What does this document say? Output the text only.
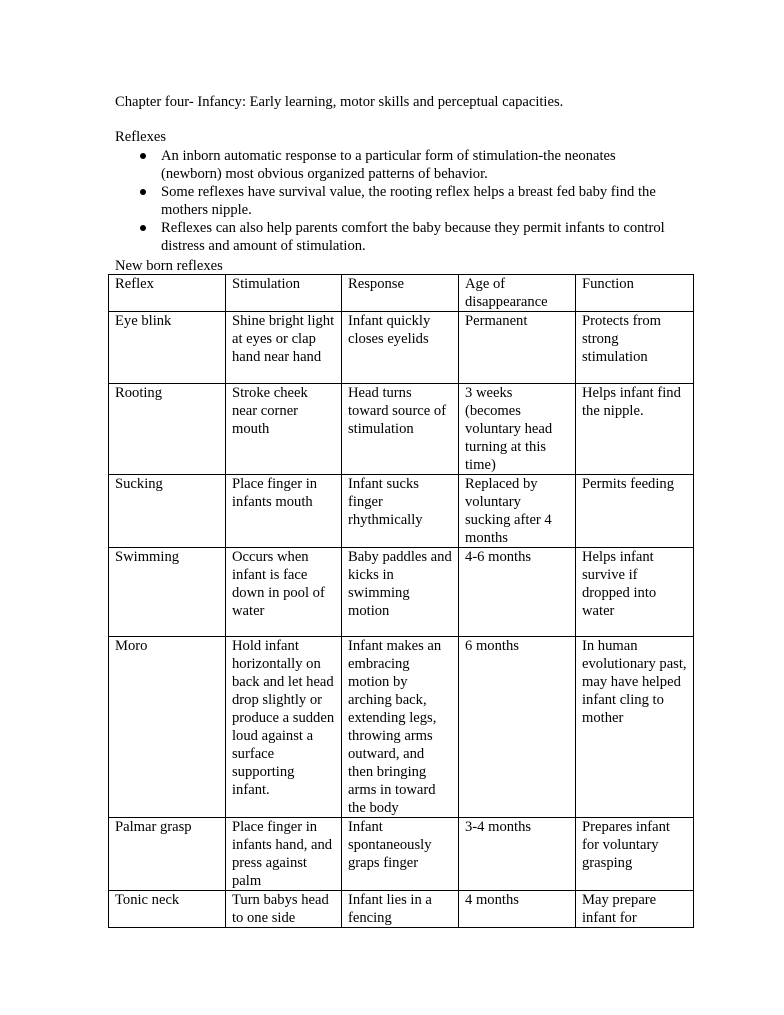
Chapter four- Infancy: Early learning, motor skills and perceptual capacities.
Reflexes
An inborn automatic response to a particular form of stimulation-the neonates (newborn) most obvious organized patterns of behavior.
Some reflexes have survival value, the rooting reflex helps a breast fed baby find the mothers nipple.
Reflexes can also help parents comfort the baby because they permit infants to control distress and amount of stimulation.

New born reflexes

Reflex	Stimulation	Response	Age of disappearance	Function
Eye blink	Shine bright light at eyes or clap hand near hand	Infant quickly closes eyelids	Permanent	Protects from strong stimulation
Rooting	Stroke cheek near corner mouth	Head turns toward source of stimulation	3 weeks (becomes voluntary head turning at this time)	Helps infant find the nipple.
Sucking	Place finger in infants mouth	Infant sucks finger rhythmically	Replaced by voluntary sucking after 4 months	Permits feeding
Swimming	Occurs when infant is face down in pool of water	Baby paddles and kicks in swimming motion	4-6 months	Helps infant survive if dropped into water
Moro	Hold infant horizontally on back and let head drop slightly or produce a sudden loud against a surface supporting infant.	Infant makes an embracing motion by arching back, extending legs, throwing arms outward, and then bringing arms in toward the body	6 months	In human evolutionary past, may have helped infant cling to mother
Palmar grasp	Place finger in infants hand, and press against palm	Infant spontaneously graps finger	3-4 months	Prepares infant for voluntary grasping
Tonic neck	Turn babys head to one side	Infant lies in a fencing	4 months	May prepare infant for
